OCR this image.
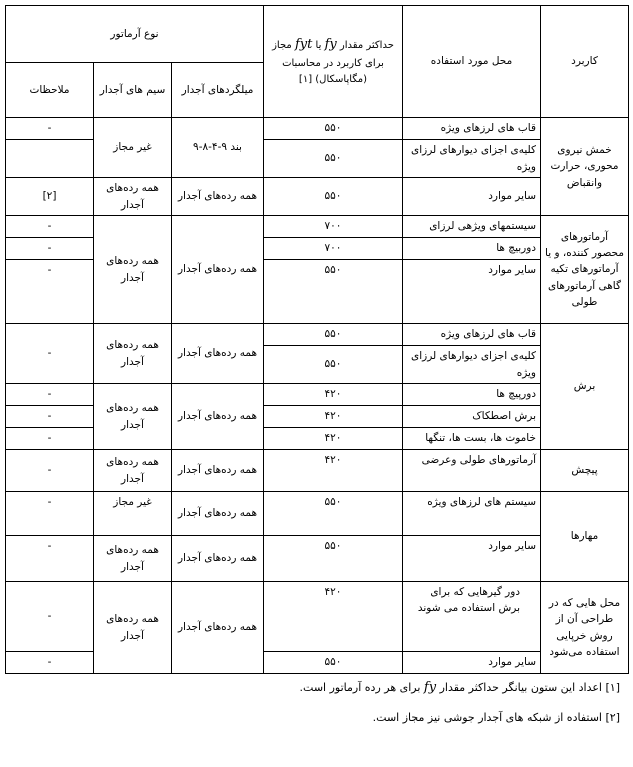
کاربرد	محل مورد استفاده	حداکثر مقدار fy یا fyt مجاز برای کاربرد در محاسبات (مگاپاسکال) [۱]	نوع آرماتور		
			میلگردهای آجدار	سیم های آجدار	ملاحظات
خمش نیروی محوری، حرارت وانقباض	قاب های لرزهای ویژه	۵۵۰	بند ۹-۴-۸-۹	غیر مجاز	-
	کلیه‌ی اجزای دیوارهای لرزای ویژه	۵۵۰			
	سایر موارد	۵۵۰	همه رده‌های آجدار	همه رده‌های آجدار	[۲]
آرماتورهای محصور کننده، و یا آرماتورهای تکیه گاهی آرماتورهای طولی	سیستمهای ویژهی لرزای	۷۰۰	همه رده‌های آجدار	همه رده‌های آجدار	-
	دوربیچ ها	۷۰۰			-
	سایر موارد	۵۵۰			-
برش	قاب های لرزهای ویژه	۵۵۰	همه رده‌های آجدار	همه رده‌های آجدار	-
	کلیه‌ی اجزای دیوارهای لرزای ویژه	۵۵۰			
	دورپیچ ها	۴۲۰	همه رده‌های آجدار	همه رده‌های آجدار	-
	برش اصطکاک	۴۲۰			-
	خاموت ها، بست ها، تنگها	۴۲۰			-
پیچش	آرماتورهای طولی وعرضی	۴۲۰	همه رده‌های آجدار	همه رده‌های آجدار	-
مهارها	سیستم های لرزهای ویژه	۵۵۰	همه رده‌های آجدار	غیر مجاز	-
	سایر موارد	۵۵۰	همه رده‌های آجدار	همه رده‌های آجدار	-
محل هایی که در طراحی آن از روش خرپایی استفاده می‌شود	دور گیرهایی که برای برش استفاده می شوند	۴۲۰	همه رده‌های آجدار	همه رده‌های آجدار	-
	سایر موارد	۵۵۰			-

[۱] اعداد این ستون بیانگر حداکثر مقدار fy برای هر رده آرماتور است.

[۲] استفاده از شبکه های آجدار جوشی نیز مجاز است.
